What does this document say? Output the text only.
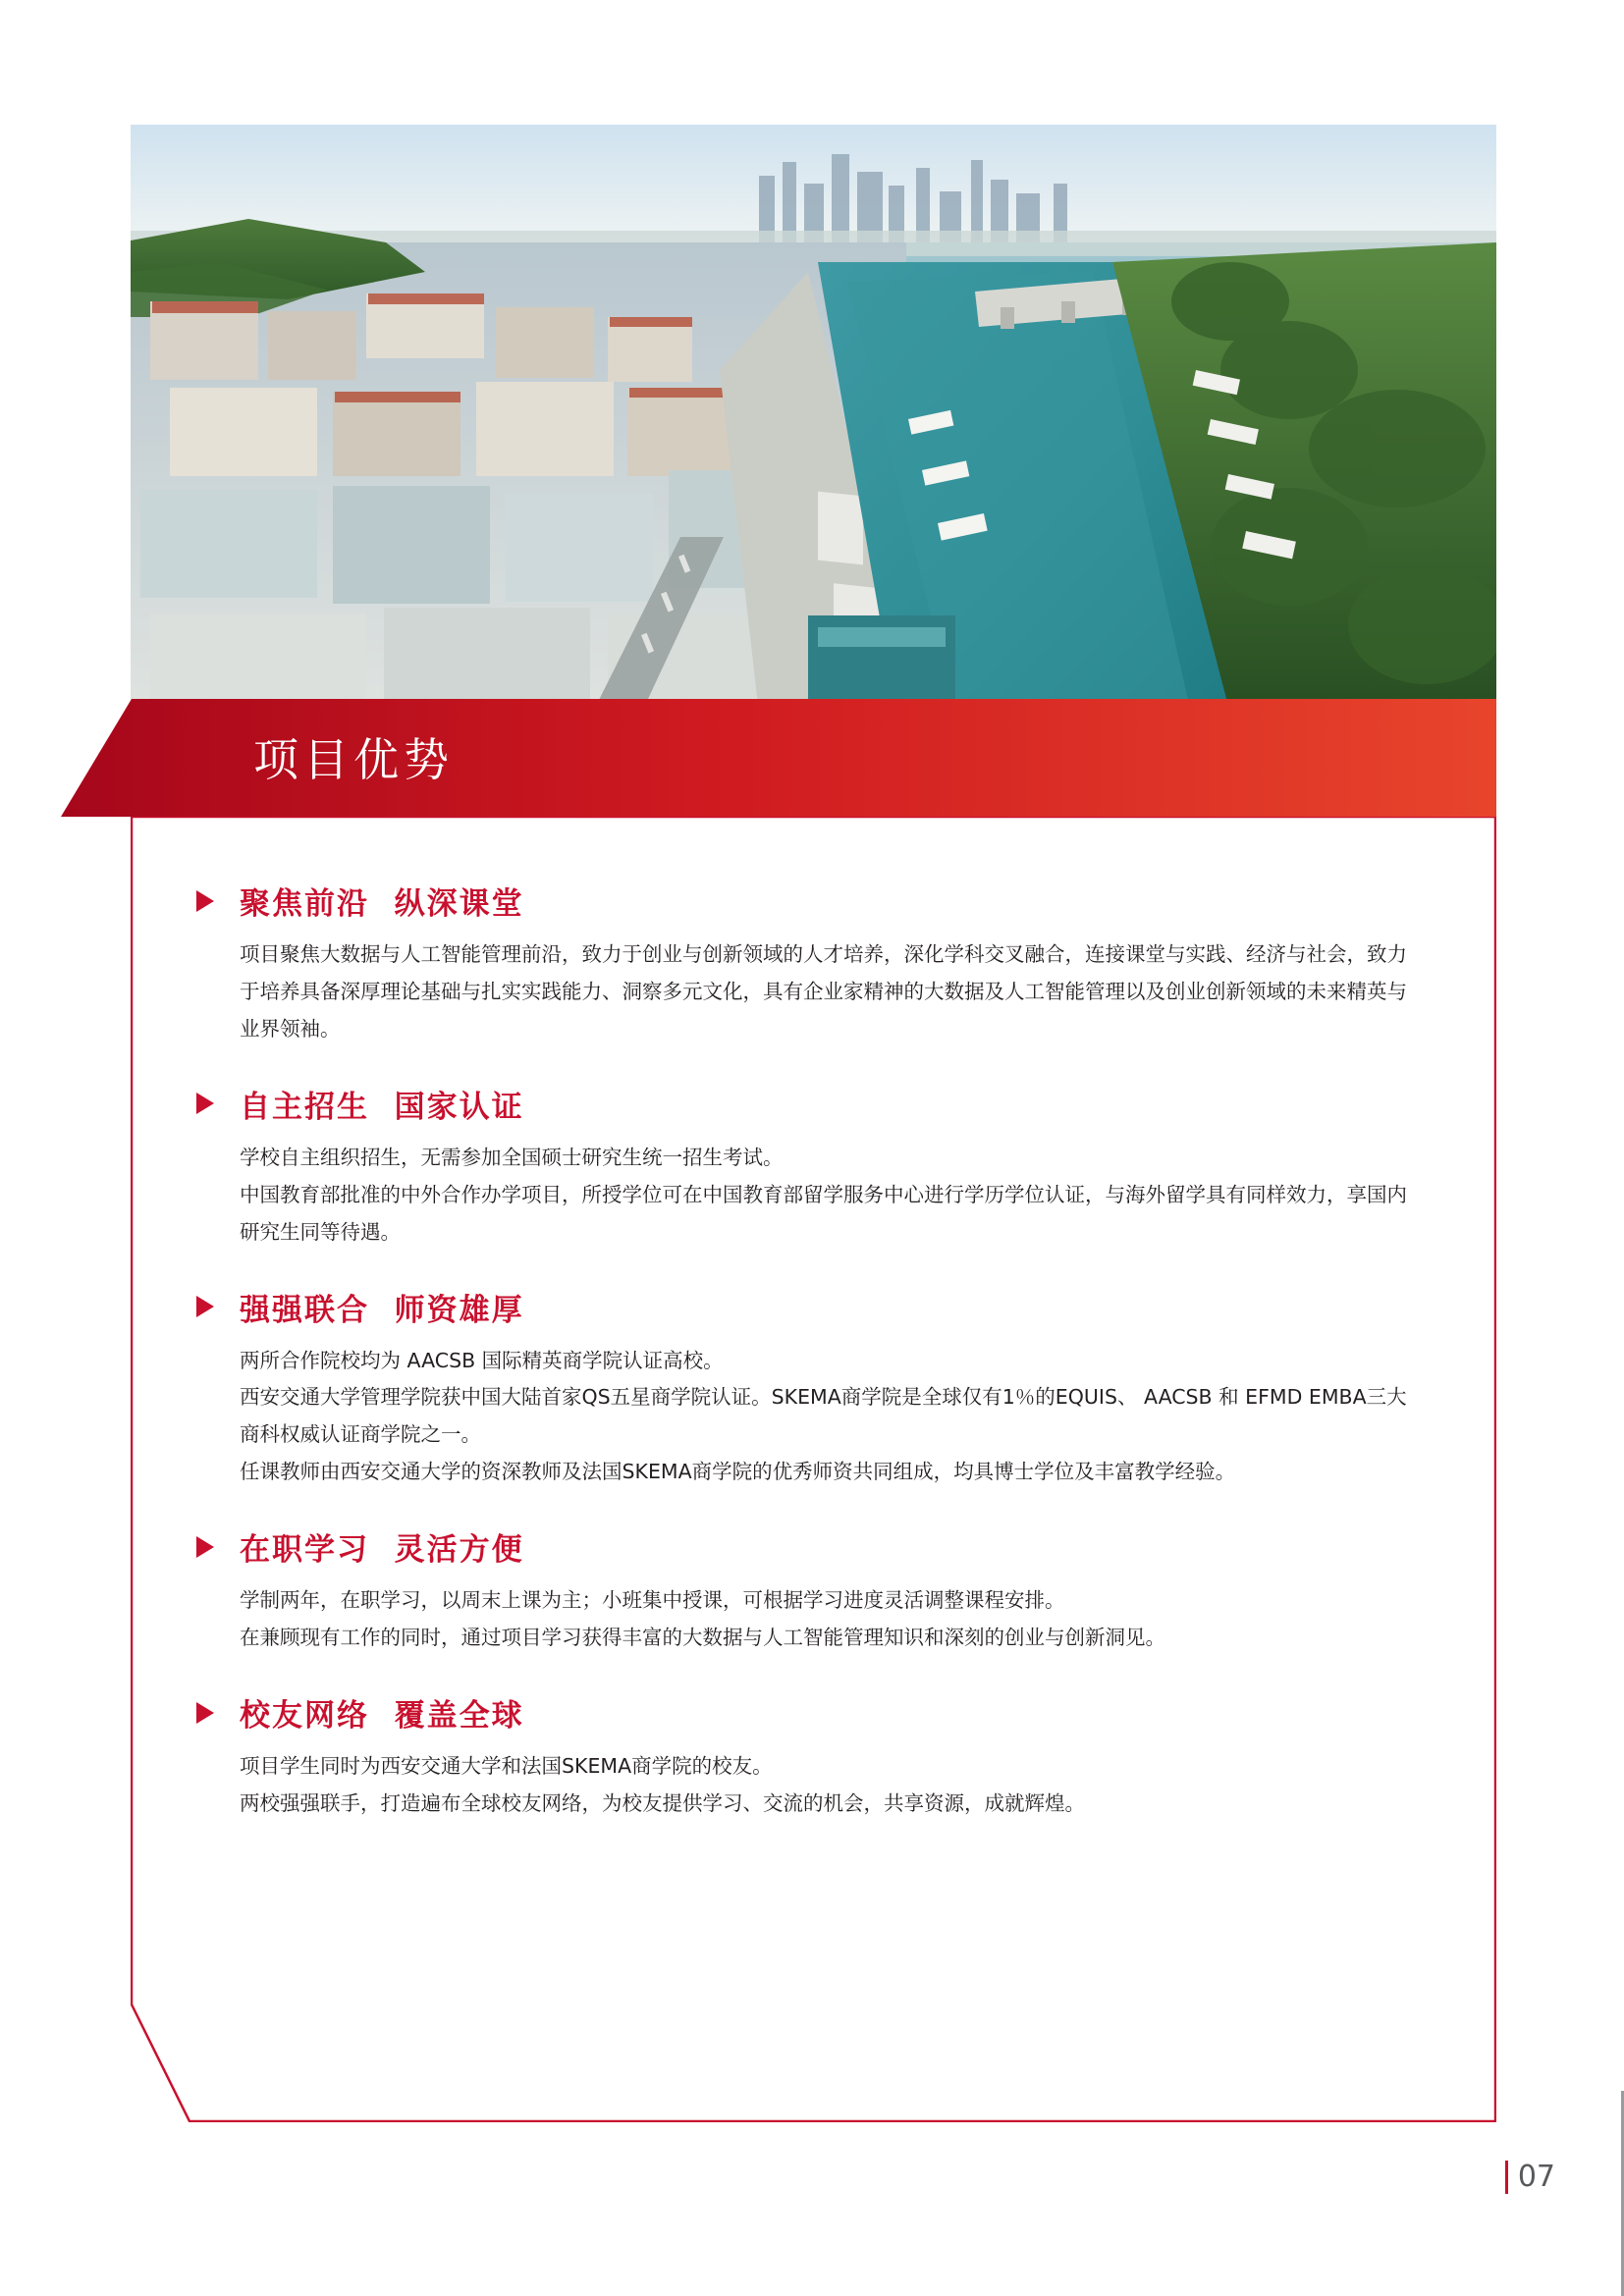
项目优势
聚焦前沿  纵深课堂

项目聚焦大数据与人工智能管理前沿，致力于创业与创新领域的人才培养，深化学科交叉融合，连接课堂与实践、经济与社会，致力于培养具备深厚理论基础与扎实实践能力、洞察多元文化，具有企业家精神的大数据及人工智能管理以及创业创新领域的未来精英与业界领袖。

自主招生  国家认证

学校自主组织招生，无需参加全国硕士研究生统一招生考试。

中国教育部批准的中外合作办学项目，所授学位可在中国教育部留学服务中心进行学历学位认证，与海外留学具有同样效力，享国内研究生同等待遇。

强强联合  师资雄厚

两所合作院校均为 AACSB 国际精英商学院认证高校。

西安交通大学管理学院获中国大陆首家QS五星商学院认证。SKEMA商学院是全球仅有1％的EQUIS、 AACSB 和 EFMD EMBA三大商科权威认证商学院之一。

任课教师由西安交通大学的资深教师及法国SKEMA商学院的优秀师资共同组成，均具博士学位及丰富教学经验。

在职学习  灵活方便

学制两年，在职学习，以周末上课为主；小班集中授课，可根据学习进度灵活调整课程安排。

在兼顾现有工作的同时，通过项目学习获得丰富的大数据与人工智能管理知识和深刻的创业与创新洞见。

校友网络  覆盖全球

项目学生同时为西安交通大学和法国SKEMA商学院的校友。

两校强强联手，打造遍布全球校友网络，为校友提供学习、交流的机会，共享资源，成就辉煌。

07
